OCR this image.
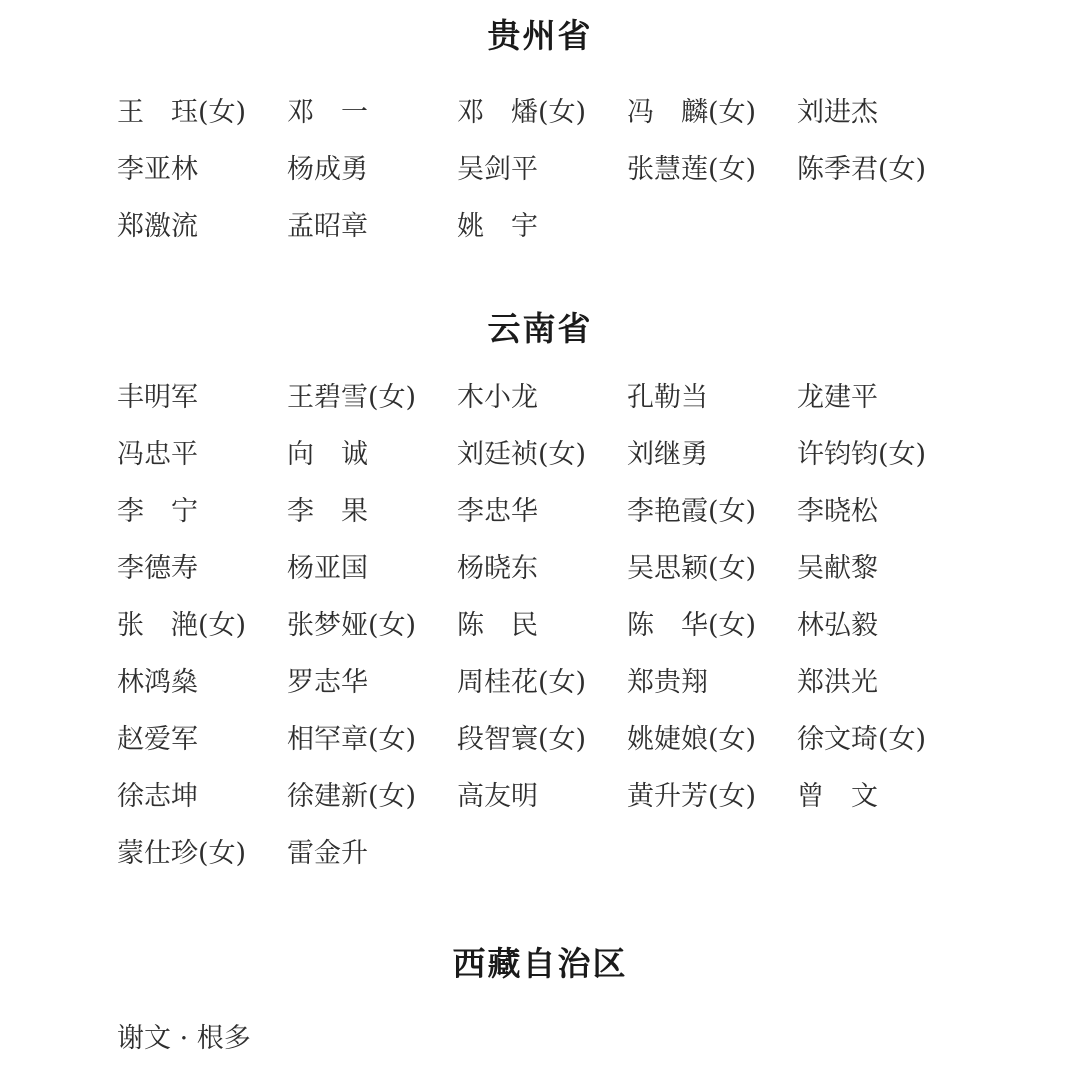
贵州省
王　珏(女)	邓　一	邓　燔(女)	冯　麟(女)	刘进杰
李亚林	杨成勇	吴剑平	张慧莲(女)	陈季君(女)
郑激流	孟昭章	姚　宇
云南省
丰明军	王碧雪(女)	木小龙	孔勒当	龙建平
冯忠平	向　诚	刘廷祯(女)	刘继勇	许钧钧(女)
李　宁	李　果	李忠华	李艳霞(女)	李晓松
李德寿	杨亚国	杨晓东	吴思颖(女)	吴献黎
张　滟(女)	张梦娅(女)	陈　民	陈　华(女)	林弘毅
林鸿燊	罗志华	周桂花(女)	郑贵翔	郑洪光
赵爱军	相罕章(女)	段智寰(女)	姚婕娘(女)	徐文琦(女)
徐志坤	徐建新(女)	高友明	黄升芳(女)	曾　文
蒙仕珍(女)	雷金升
西藏自治区
谢文 · 根多
